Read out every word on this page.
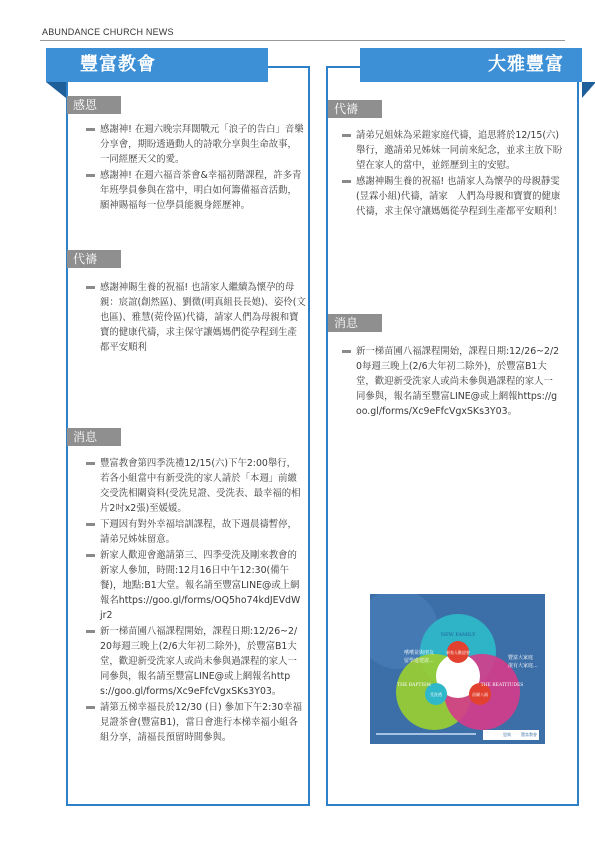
ABUNDANCE CHURCH NEWS
豐富教會
感恩
感謝神! 在週六晚宗拜闊戰元「浪子的告白」音樂分享會，期盼透過動人的詩歌分享與生命故事，一同經歷天父的愛。
感謝神! 在週六福音茶會&幸福初階課程，許多青年班學員參與在當中，明白如何籌備福音活動，願神賜福每一位學員能親身經歷神。
代禱
感謝神賜生養的祝福! 也請家人繼續為懷孕的母親：宸誼(創然區)、劉微(明真組長長媳)、姿伶(文也區)、雅慧(菀伶區)代禱，請家人們為母親和寶寶的健康代禱，求主保守讓媽媽們從孕程到生產都平安順利
消息
豐富教會第四季洗禮12/15(六)下午2:00舉行，若各小組當中有新受洗的家人請於「本週」前繳交受洗相關資料(受洗見證、受洗表、最幸福的相片2吋x2張)至媛媛。
下週因有對外幸福培訓課程，故下週晨禱暫停，請弟兄姊妹留意。
新家人歡迎會邀請第三、四季受洗及剛來教會的新家人參加，時間:12月16日中午12:30(備午餐)，地點:B1大堂。報名請至豐富LINE@或上網報名https://goo.gl/forms/OQ5ho74kdJEVdWjr2
新一梯苗圃八福課程開始，課程日期:12/26~2/20每週三晚上(2/6大年初二除外)，於豐富B1大堂，歡迎新受洗家人或尚未參與過課程的家人一同參與，報名請至豐富LINE@或上網報名https://goo.gl/forms/Xc9eFfcVgxSKs3Y03。
請第五梯幸福長於12/30 (日) 參加下午2:30幸福見證茶會(豐富B1)，當日會進行本梯幸福小組各組分享，請福長預留時間參與。
大雅豐富
代禱
請弟兄姐妹為采鎧家庭代禱，追思將於12/15(六)舉行，邀請弟兄姊妹一同前來紀念，並求主放下盼望在家人的當中，並經歷到主的安慰。
感謝神賜生養的祝福! 也請家人為懷孕的母親靜雯(昱霖小組)代禱，請家　人們為母親和寶寶的健康代禱，求主保守讓媽媽從孕程到生產都平安順利！
消息
新一梯苗圃八福課程開始，課程日期:12/26~2/20每週三晚上(2/6大年初二除外)，於豐富B1大堂，歡迎新受洗家人或尚未參與過課程的家人一同參與，報名請至豐富LINE@或上網報https://goo.gl/forms/Xc9eFfcVgxSKs3Y03。
NEW FAMILY
新家人歡迎會
THE BAPTISM
受洗禮
THE BEATITUDES
苗圃八福
嚐嚐並與朋友
留學進建證...	豐富大家庭
滾有大家庭...
恩典	豐富教會
